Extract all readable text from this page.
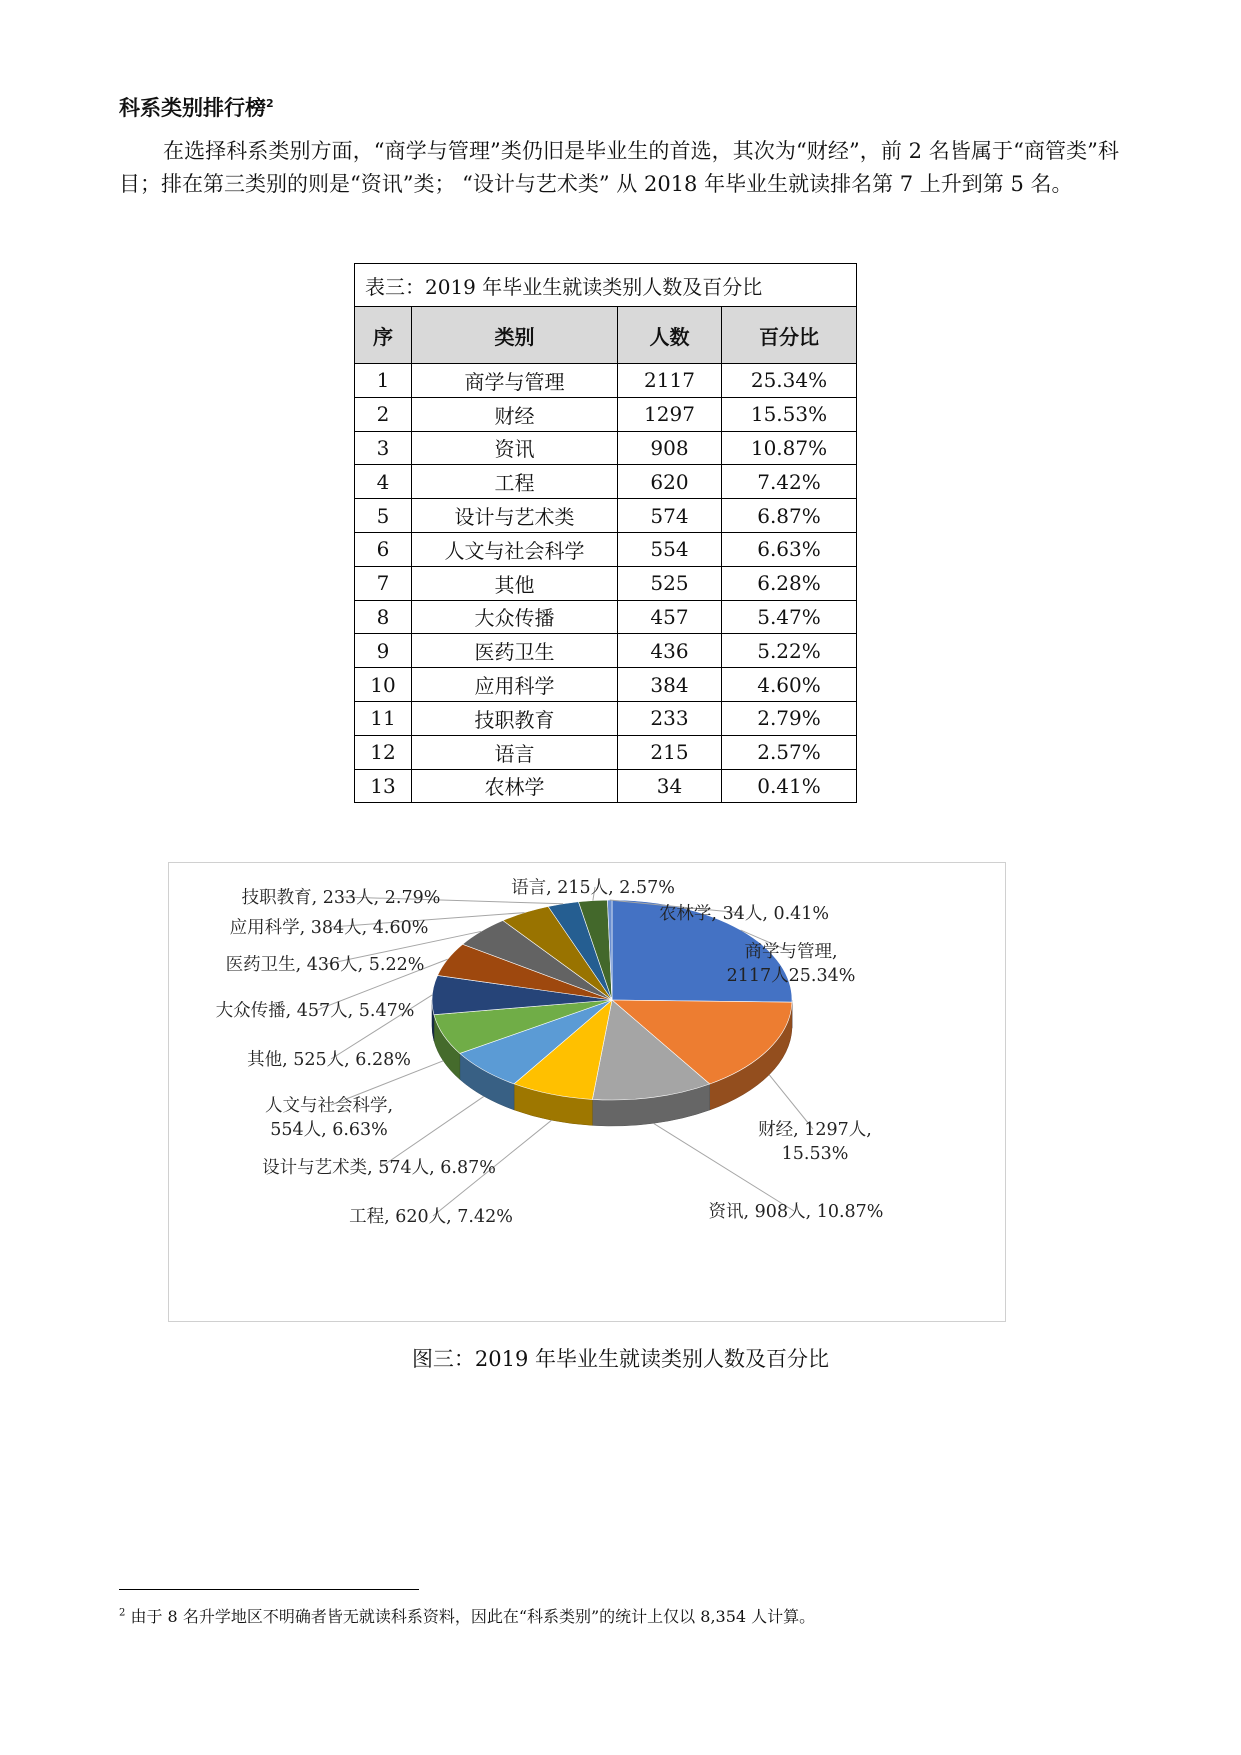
科系类别排行榜$^2$
在选择科系类别方面，“商学与管理”类仍旧是毕业生的首选，其次为“财经”，前 2 名皆属于“商管类”科目；排在第三类别的则是“资讯”类； “设计与艺术类” 从 2018 年毕业生就读排名第 7 上升到第 5 名。
表三：2019 年毕业生就读类别人数及百分比			
序	类别	人数	百分比
1	商学与管理	2117	25.34%
2	财经	1297	15.53%
3	资讯	908	10.87%
4	工程	620	7.42%
5	设计与艺术类	574	6.87%
6	人文与社会科学	554	6.63%
7	其他	525	6.28%
8	大众传播	457	5.47%
9	医药卫生	436	5.22%
10	应用科学	384	4.60%
11	技职教育	233	2.79%
12	语言	215	2.57%
13	农林学	34	0.41%
商学与管理, 2117人25.34%
财经, 1297人, 15.53%
资讯, 908人, 10.87%
工程, 620人, 7.42%
设计与艺术类, 574人, 6.87%
人文与社会科学, 554人, 6.63%
其他, 525人, 6.28%
大众传播, 457人, 5.47%
医药卫生, 436人, 5.22%
应用科学, 384人, 4.60%
技职教育, 233人, 2.79%	语言, 215人, 2.57%
农林学, 34人, 0.41%
图三：2019 年毕业生就读类别人数及百分比
$^2$ 由于 8 名升学地区不明确者皆无就读科系资料，因此在“科系类别”的统计上仅以 8,354 人计算。
